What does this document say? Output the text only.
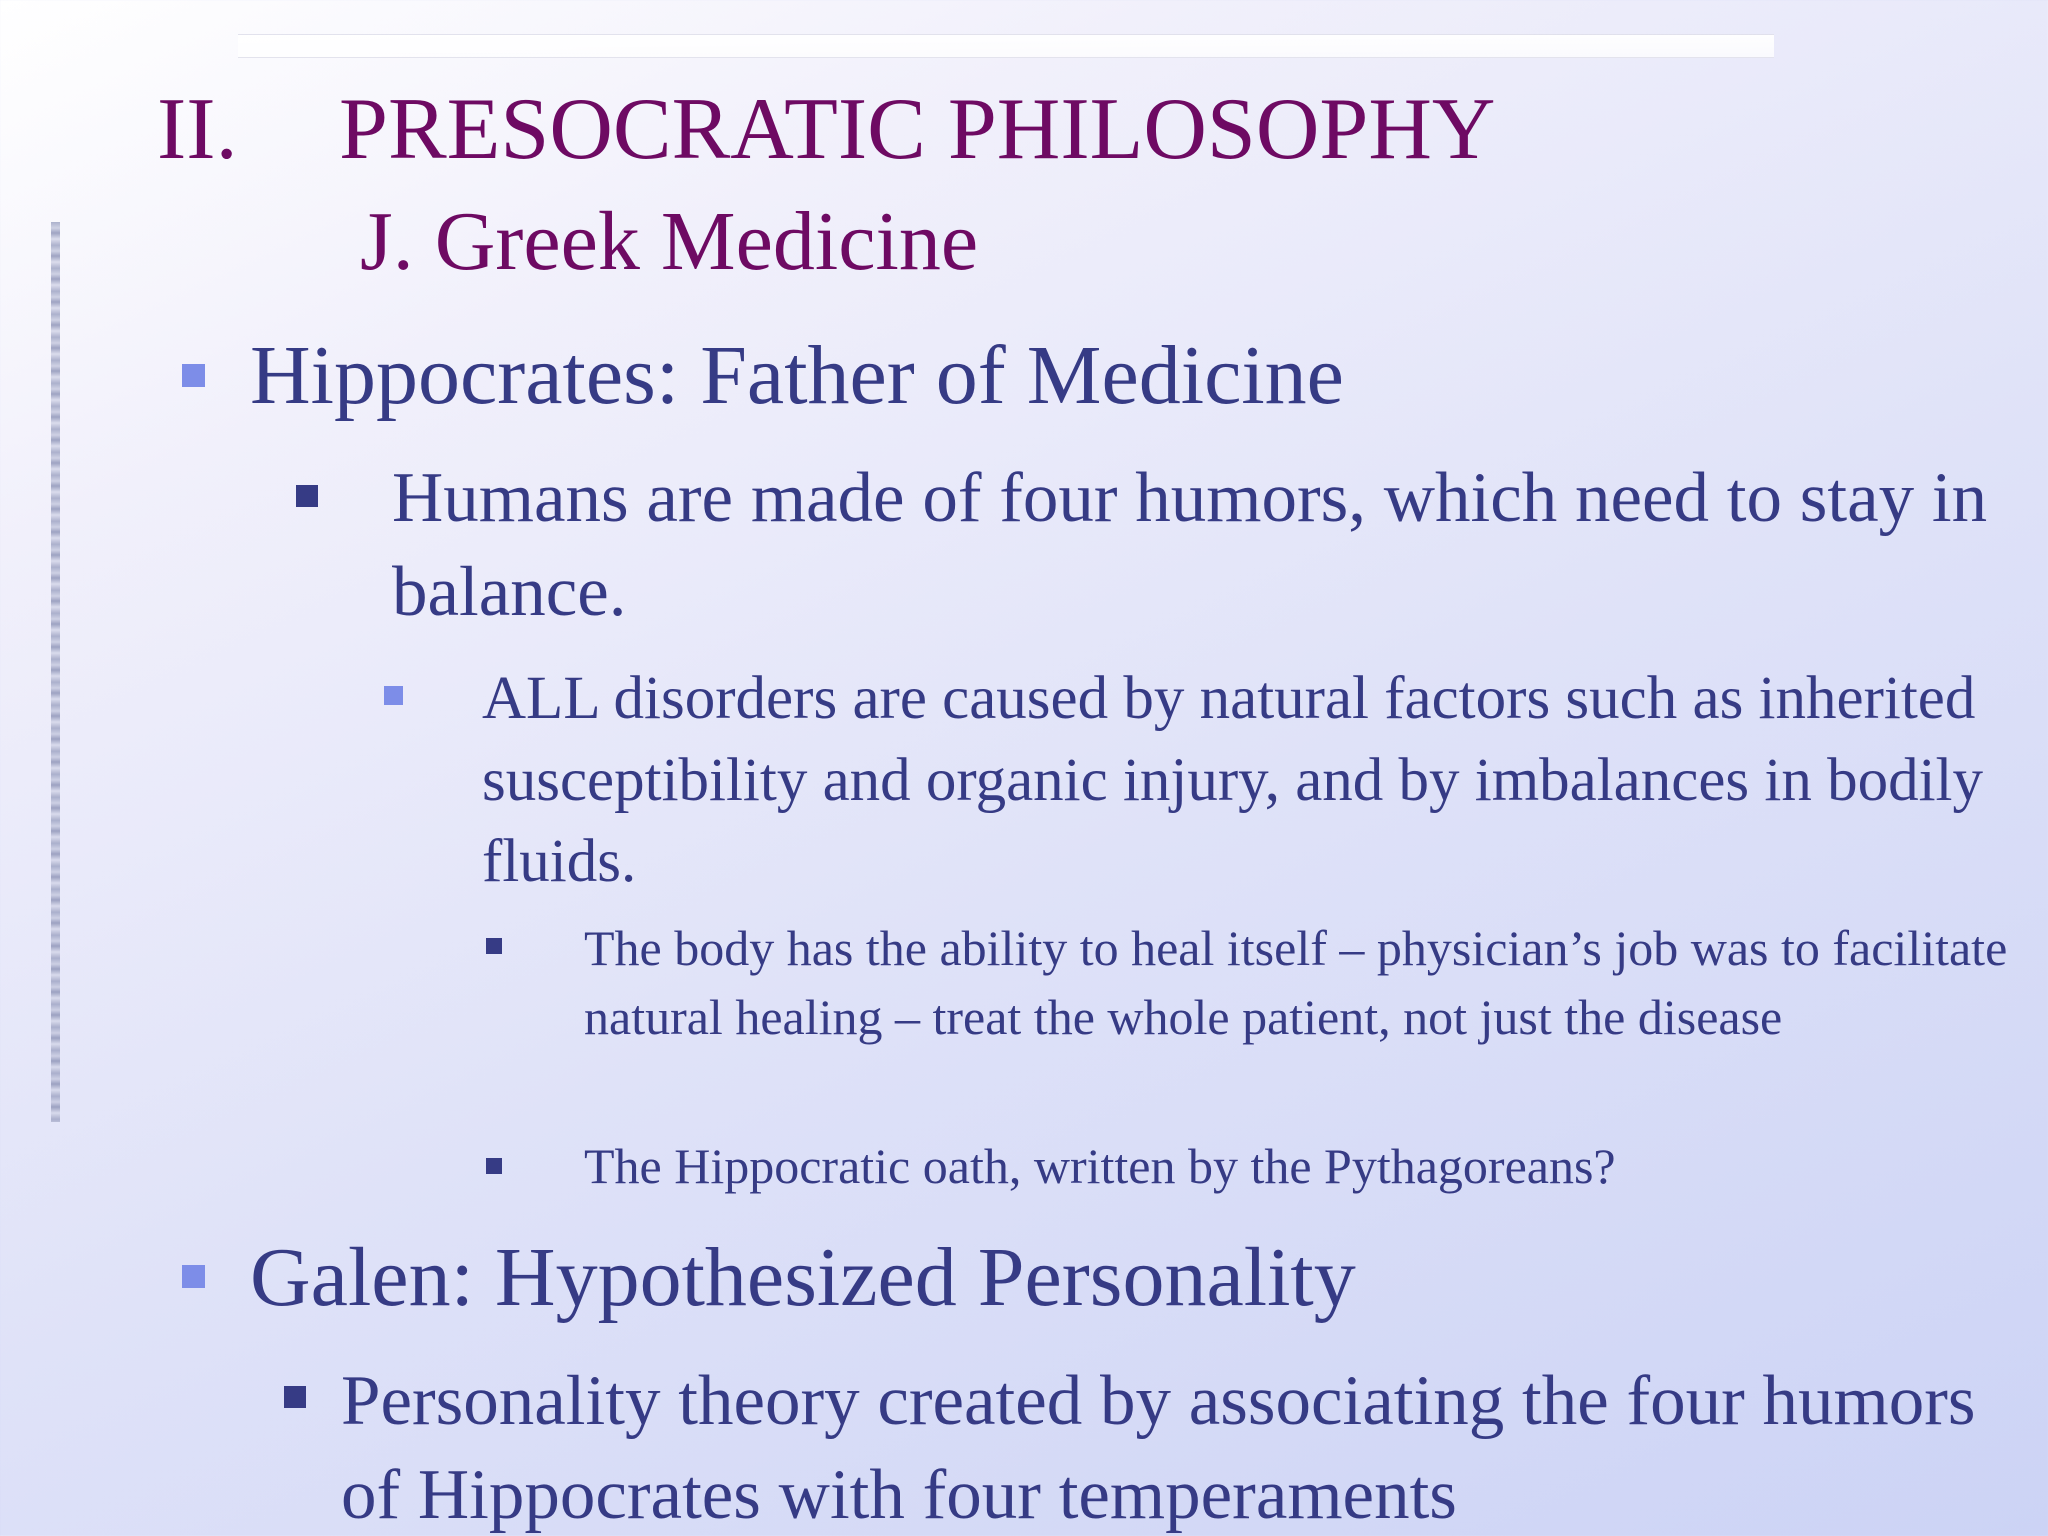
II. PRESOCRATIC PHILOSOPHY
J. Greek Medicine

Hippocrates: Father of Medicine

Humans are made of four humors, which need to stay in balance.

ALL disorders are caused by natural factors such as inherited susceptibility and organic injury, and by imbalances in bodily fluids.

The body has the ability to heal itself – physician’s job was to facilitate natural healing – treat the whole patient, not just the disease

The Hippocratic oath, written by the Pythagoreans?

Galen: Hypothesized Personality

Personality theory created by associating the four humors of Hippocrates with four temperaments
